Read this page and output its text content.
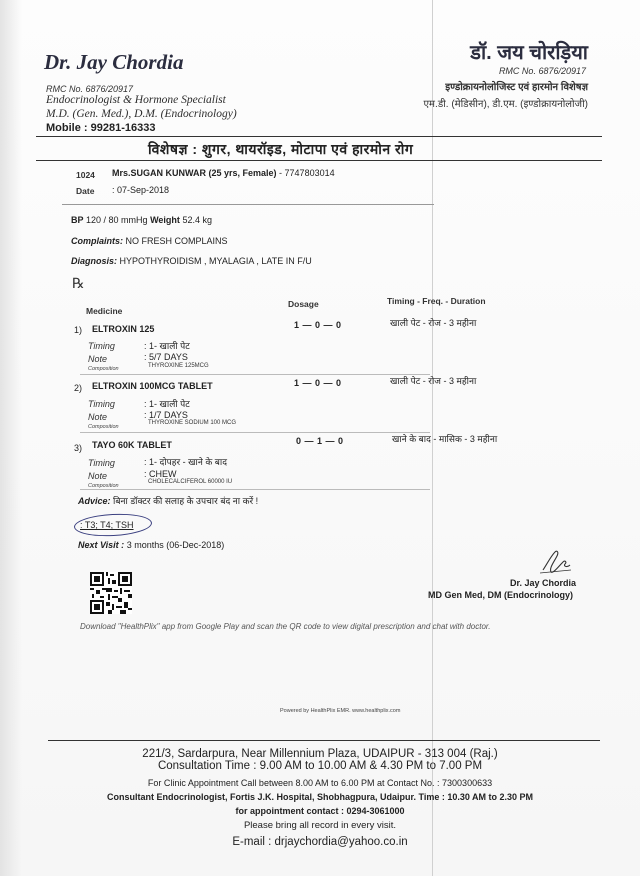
Dr. Jay Chordia
RMC No. 6876/20917
Endocrinologist & Hormone Specialist
M.D. (Gen. Med.), D.M. (Endocrinology)
Mobile : 99281-16333
डॉ. जय चोरड़िया
RMC No. 6876/20917
इण्डोक्रायनोलोजिस्ट एवं हारमोन विशेषज्ञ
एम.डी. (मेडिसीन), डी.एम. (इण्डोक्रायनोलोजी)
विशेषज्ञ : शुगर, थायरॉइड, मोटापा एवं हारमोन रोग
1024 Mrs.SUGAN KUNWAR (25 yrs, Female) - 7747803014
Date : 07-Sep-2018
BP 120 / 80 mmHg Weight 52.4 kg
Complaints: NO FRESH COMPLAINS
Diagnosis: HYPOTHYROIDISM , MYALAGIA , LATE IN F/U
℞
Medicine
Dosage	Timing - Freq. - Duration
1) ELTROXIN 125
Timing	: 1- खाली पेट
Note	: 5/7 DAYS
Composition	THYROXINE 125MCG
1 — 0 — 0	खाली पेट - रोज - 3 महीना
2) ELTROXIN 100MCG TABLET
Timing	: 1- खाली पेट
Note	: 1/7 DAYS
Composition
THYROXINE SODIUM 100 MCG
1 — 0 — 0	खाली पेट - रोज - 3 महीना
3) TAYO 60K TABLET
Timing	: 1- दोपहर - खाने के बाद
Note	: CHEW
Composition
CHOLECALCIFEROL 60000 IU
0 — 1 — 0	खाने के बाद - मासिक - 3 महीना
Advice: बिना डॉक्टर की सलाह के उपचार बंद ना करें !
: T3; T4; TSH
Next Visit : 3 months (06-Dec-2018)
Dr. Jay Chordia
MD Gen Med, DM (Endocrinology)
Download "HealthPlix" app from Google Play and scan the QR code to view digital prescription and chat with doctor.
Powered by HealthPlix EMR. www.healthplix.com
221/3, Sardarpura, Near Millennium Plaza, UDAIPUR - 313 004 (Raj.)
Consultation Time : 9.00 AM to 10.00 AM & 4.30 PM to 7.00 PM
For Clinic Appointment Call between 8.00 AM to 6.00 PM at Contact No. : 7300300633
Consultant Endocrinologist, Fortis J.K. Hospital, Shobhagpura, Udaipur. Time : 10.30 AM to 2.30 PM
for appointment contact : 0294-3061000
Please bring all record in every visit.
E-mail : drjaychordia@yahoo.co.in
